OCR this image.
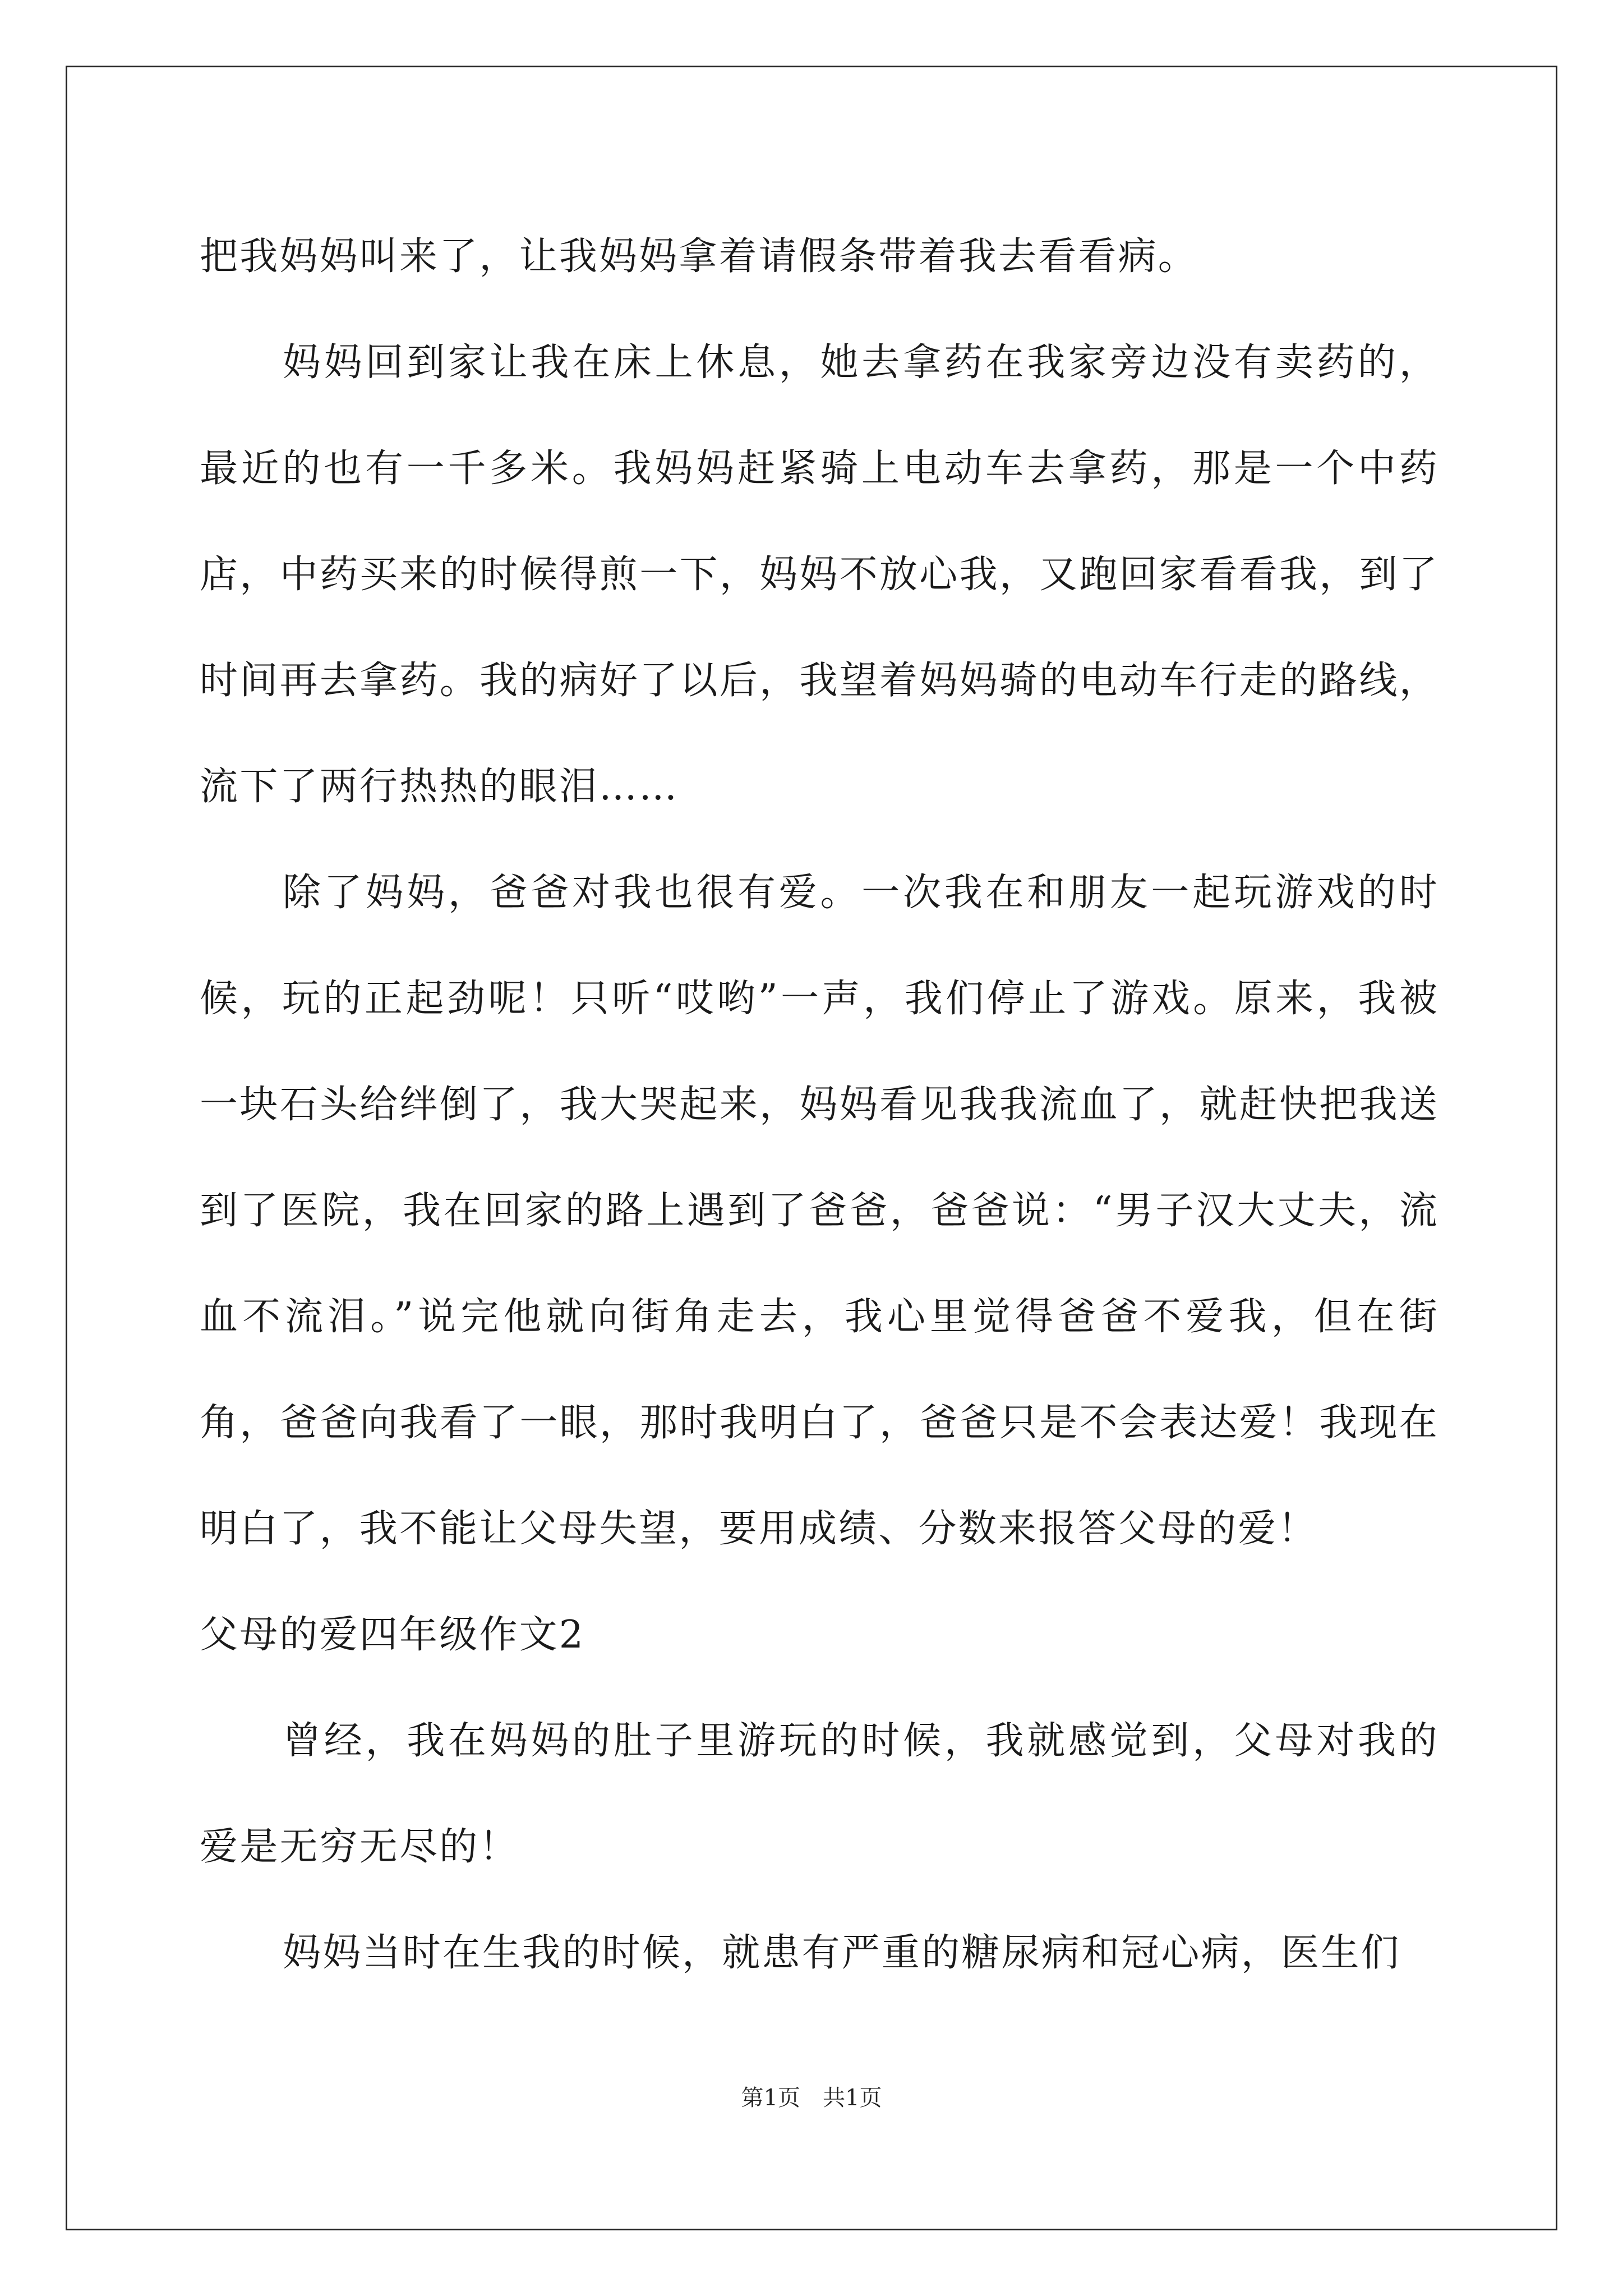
把我妈妈叫来了，让我妈妈拿着请假条带着我去看看病。

妈妈回到家让我在床上休息，她去拿药在我家旁边没有卖药的，最近的也有一千多米。我妈妈赶紧骑上电动车去拿药，那是一个中药店，中药买来的时候得煎一下，妈妈不放心我，又跑回家看看我，到了时间再去拿药。我的病好了以后，我望着妈妈骑的电动车行走的路线，流下了两行热热的眼泪……

除了妈妈，爸爸对我也很有爱。一次我在和朋友一起玩游戏的时候，玩的正起劲呢！只听“哎哟”一声，我们停止了游戏。原来，我被一块石头给绊倒了，我大哭起来，妈妈看见我我流血了，就赶快把我送到了医院，我在回家的路上遇到了爸爸，爸爸说：“男子汉大丈夫，流血不流泪。”说完他就向街角走去，我心里觉得爸爸不爱我，但在街角，爸爸向我看了一眼，那时我明白了，爸爸只是不会表达爱！我现在明白了，我不能让父母失望，要用成绩、分数来报答父母的爱！

父母的爱四年级作文2

曾经，我在妈妈的肚子里游玩的时候，我就感觉到，父母对我的爱是无穷无尽的！

妈妈当时在生我的时候，就患有严重的糖尿病和冠心病，医生们

第1页　共1页
